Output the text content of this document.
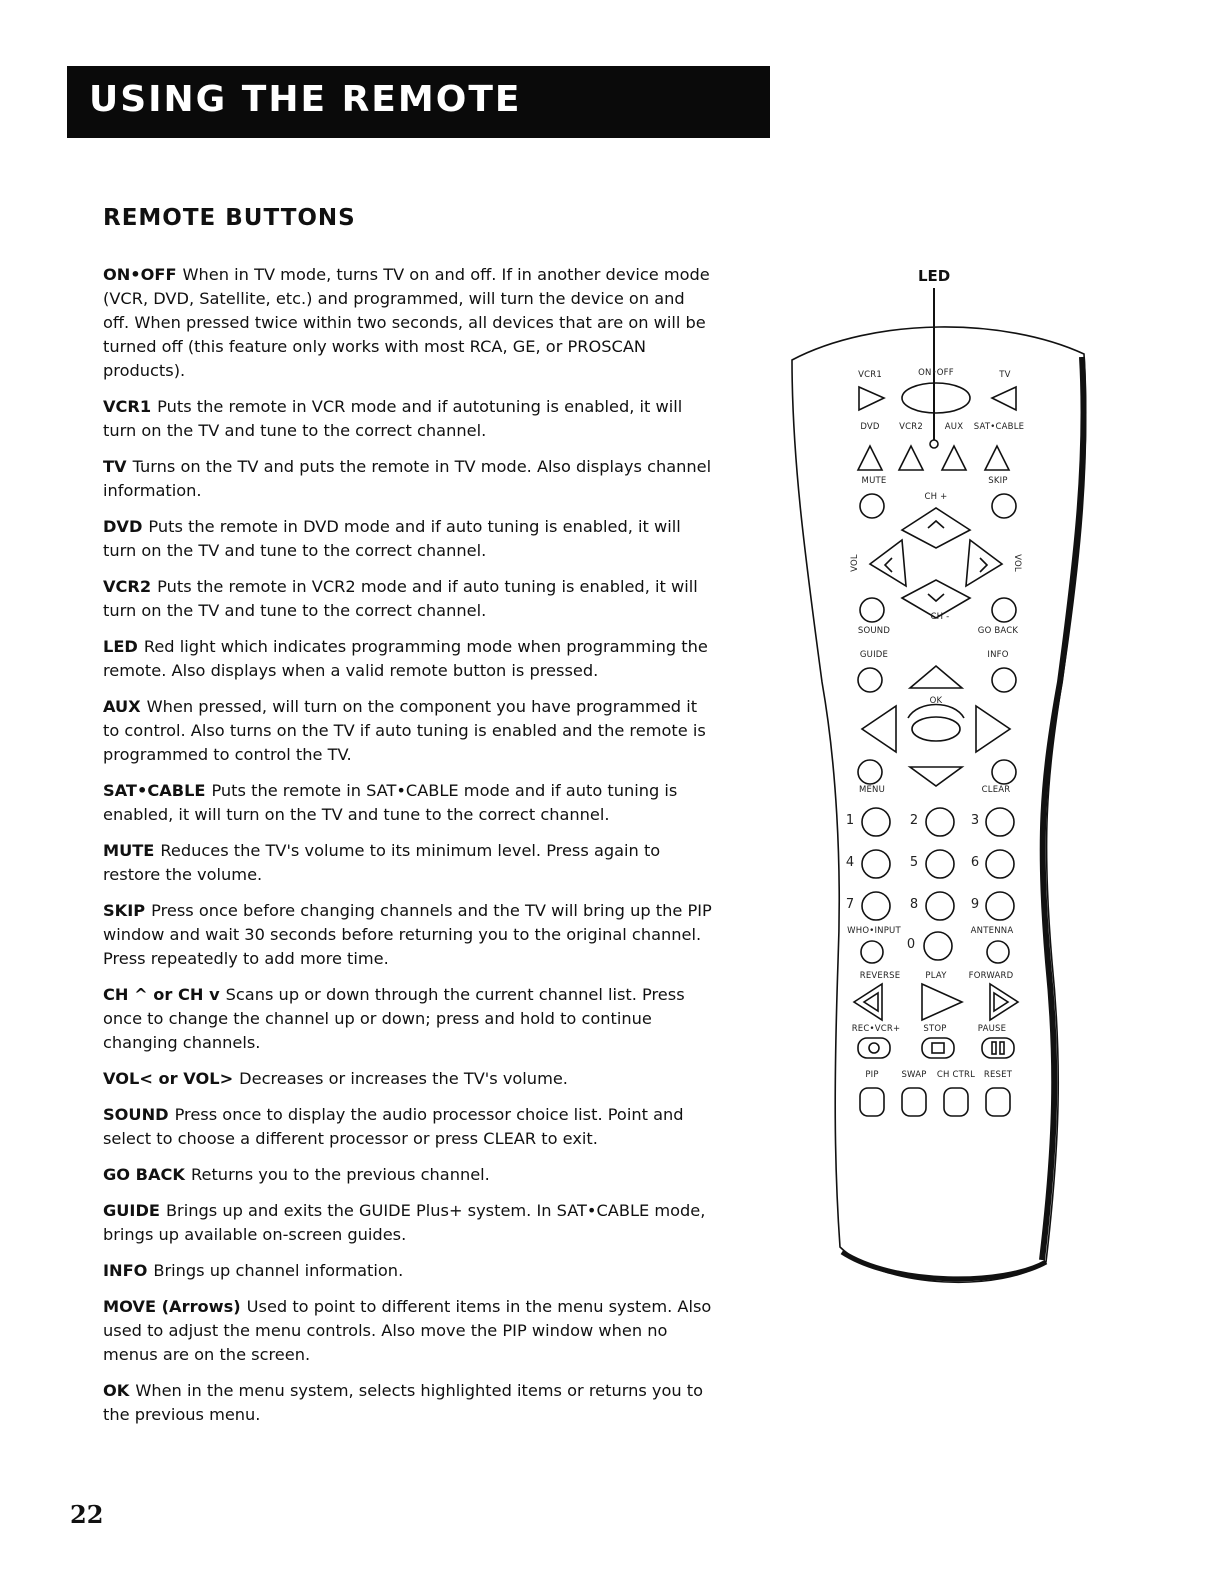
USING THE REMOTE
REMOTE BUTTONS

ON•OFF When in TV mode, turns TV on and off. If in another device mode (VCR, DVD, Satellite, etc.) and programmed, will turn the device on and off. When pressed twice within two seconds, all devices that are on will be turned off (this feature only works with most RCA, GE, or PROSCAN products).

VCR1 Puts the remote in VCR mode and if autotuning is enabled, it will turn on the TV and tune to the correct channel.

TV Turns on the TV and puts the remote in TV mode. Also displays channel information.

DVD Puts the remote in DVD mode and if auto tuning is enabled, it will turn on the TV and tune to the correct channel.

VCR2 Puts the remote in VCR2 mode and if auto tuning is enabled, it will turn on the TV and tune to the correct channel.

LED Red light which indicates programming mode when programming the remote. Also displays when a valid remote button is pressed.

AUX When pressed, will turn on the component you have programmed it to control. Also turns on the TV if auto tuning is enabled and the remote is programmed to control the TV.

SAT•CABLE Puts the remote in SAT•CABLE mode and if auto tuning is enabled, it will turn on the TV and tune to the correct channel.

MUTE Reduces the TV's volume to its minimum level. Press again to restore the volume.

SKIP Press once before changing channels and the TV will bring up the PIP window and wait 30 seconds before returning you to the original channel. Press repeatedly to add more time.

CH ^ or CH v Scans up or down through the current channel list. Press once to change the channel up or down; press and hold to continue changing channels.

VOL< or VOL> Decreases or increases the TV's volume.

SOUND Press once to display the audio processor choice list. Point and select to choose a different processor or press CLEAR to exit.

GO BACK Returns you to the previous channel.

GUIDE Brings up and exits the GUIDE Plus+ system. In SAT•CABLE mode, brings up available on-screen guides.

INFO Brings up channel information.

MOVE (Arrows) Used to point to different items in the menu system. Also used to adjust the menu controls. Also move the PIP window when no menus are on the screen.

OK When in the menu system, selects highlighted items or returns you to the previous menu.

LED
VCR1	ON•OFF	TV
DVD VCR2	AUX SAT•CABLE
MUTE	SKIP
CH +
VOL	VOL
CH -
SOUND	GO BACK
GUIDE	INFO
OK
MENU	CLEAR
1	2	3
4	5	6
7	8	9
0
WHO•INPUT	ANTENNA
REVERSE	PLAY	FORWARD
REC•VCR+	STOP	PAUSE
PIP	SWAP CH CTRL RESET
22
